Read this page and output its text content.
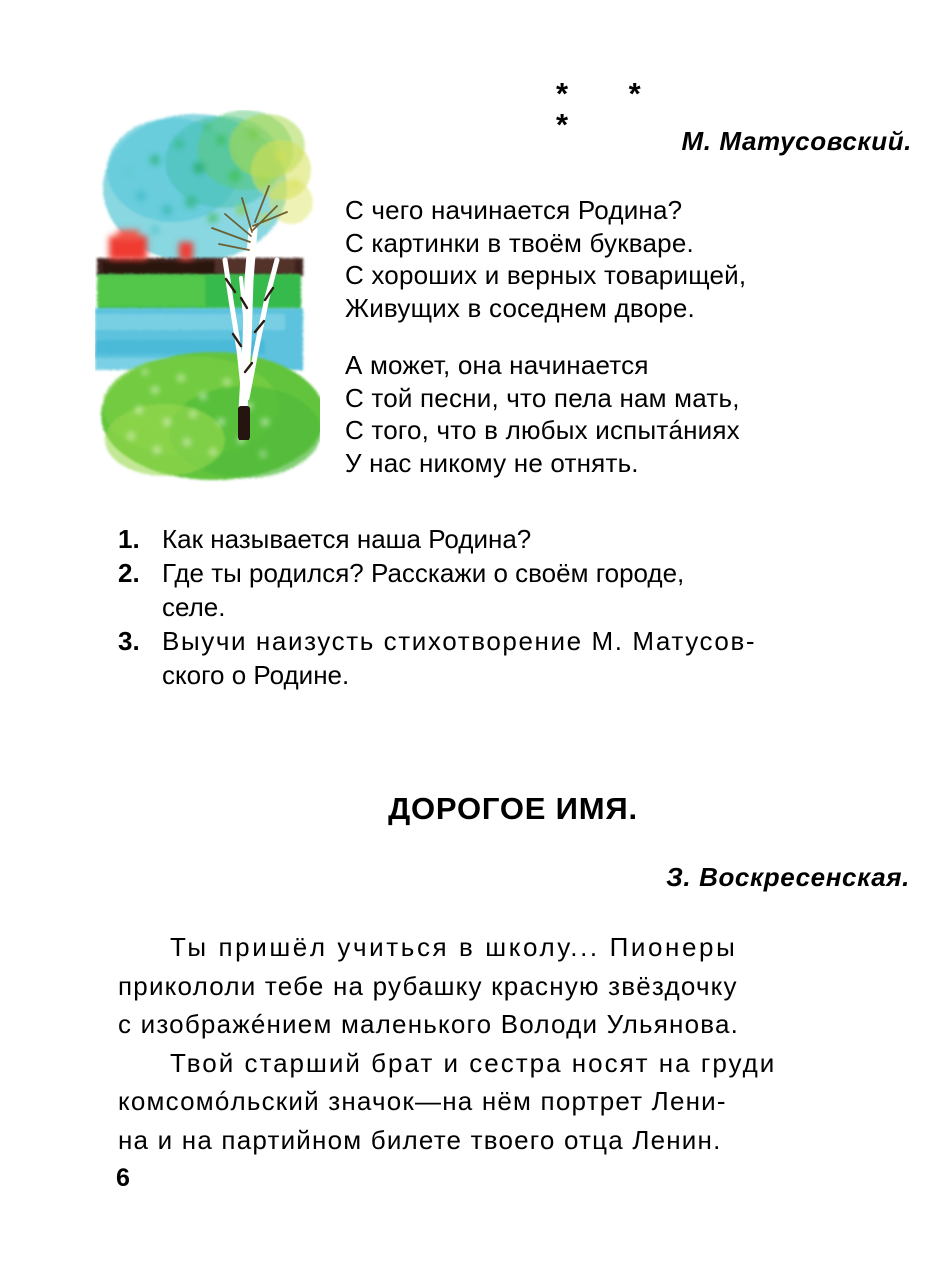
* * *	М. Матусовский.
С чего начинается Родина?
С картинки в твоём букваре.
С хороших и верных товарищей,
Живущих в соседнем дворе.
А может, она начинается
С той песни, что пела нам мать,
С того, что в любых испытáниях
У нас никому не отнять.
1. Как называется наша Родина?
2. Где ты родился? Расскажи о своём городе,
селе.
3. Выучи наизусть стихотворение М. Матусов-
ского о Родине.
ДОРОГОЕ ИМЯ.
З. Воскресенская.
Ты пришёл учиться в школу... Пионеры
прикололи тебе на рубашку красную звёздочку
с изображéнием маленького Володи Ульянова.
Твой старший брат и сестра носят на груди
комсомóльский значок—на нём портрет Лени-
на и на партийном билете твоего отца Ленин.
6
